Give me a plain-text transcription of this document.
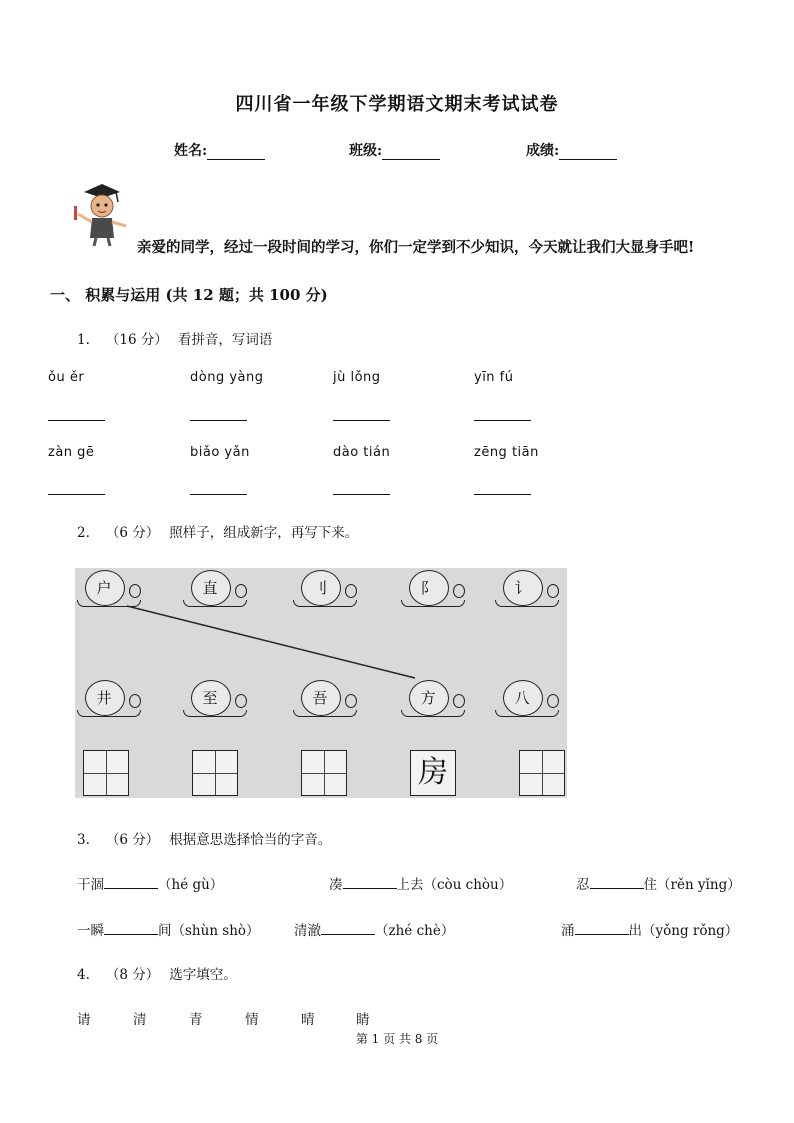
四川省一年级下学期语文期末考试试卷
姓名:	班级:	成绩:
亲爱的同学，经过一段时间的学习，你们一定学到不少知识，今天就让我们大显身手吧!
一、 积累与运用 (共 12 题；共 100 分)
1. （16 分） 看拼音，写词语
ǒu ěr	dòng yàng	jù lǒng	yīn fú
zàn gē	biǎo yǎn	dào tián	zēng tiān
2. （6 分） 照样子，组成新字，再写下来。
户	直	刂	阝	讠
井	至	吾	方	八
房
3. （6 分） 根据意思选择恰当的字音。
干涸	（hé gù）	凑	上去（còu chòu）	忍	住（rěn yǐng）
一瞬	间（shùn shò）	清澈	（zhé chè）	涌	出（yǒng rǒng）
4. （8 分） 选字填空。
请	清	青	情	晴	睛
第 1 页 共 8 页
